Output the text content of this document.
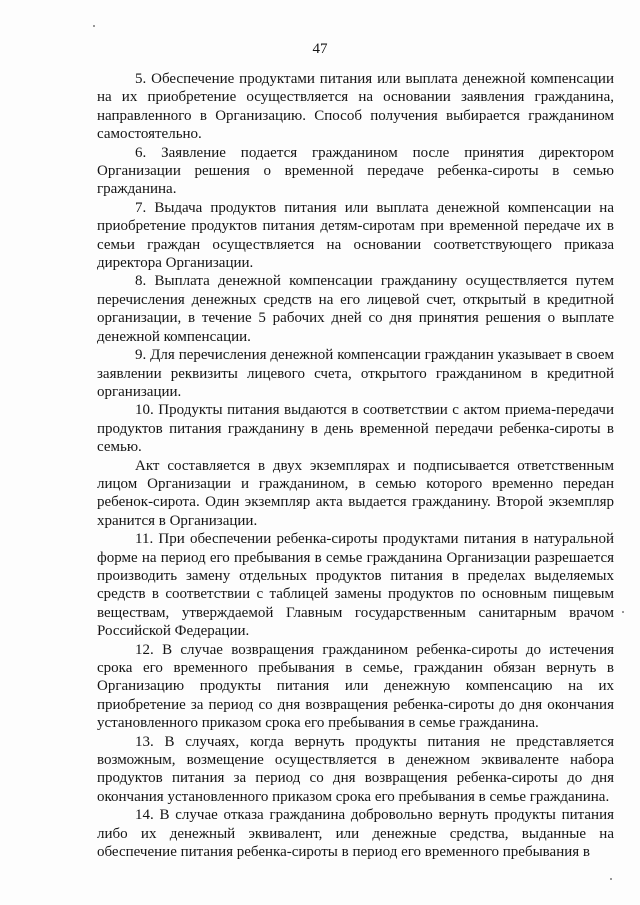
47

5. Обеспечение продуктами питания или выплата денежной компенсации на их приобретение осуществляется на основании заявления гражданина, направленного в Организацию. Способ получения выбирается гражданином самостоятельно.

6. Заявление подается гражданином после принятия директором Организации решения о временной передаче ребенка-сироты в семью гражданина.

7. Выдача продуктов питания или выплата денежной компенсации на приобретение продуктов питания детям-сиротам при временной передаче их в семьи граждан осуществляется на основании соответствующего приказа директора Организации.

8. Выплата денежной компенсации гражданину осуществляется путем перечисления денежных средств на его лицевой счет, открытый в кредитной организации, в течение 5 рабочих дней со дня принятия решения о выплате денежной компенсации.

9. Для перечисления денежной компенсации гражданин указывает в своем заявлении реквизиты лицевого счета, открытого гражданином в кредитной организации.

10. Продукты питания выдаются в соответствии с актом приема-передачи продуктов питания гражданину в день временной передачи ребенка-сироты в семью.

Акт составляется в двух экземплярах и подписывается ответственным лицом Организации и гражданином, в семью которого временно передан ребенок-сирота. Один экземпляр акта выдается гражданину. Второй экземпляр хранится в Организации.

11. При обеспечении ребенка-сироты продуктами питания в натуральной форме на период его пребывания в семье гражданина Организации разрешается производить замену отдельных продуктов питания в пределах выделяемых средств в соответствии с таблицей замены продуктов по основным пищевым веществам, утверждаемой Главным государственным санитарным врачом Российской Федерации.

12. В случае возвращения гражданином ребенка-сироты до истечения срока его временного пребывания в семье, гражданин обязан вернуть в Организацию продукты питания или денежную компенсацию на их приобретение за период со дня возвращения ребенка-сироты до дня окончания установленного приказом срока его пребывания в семье гражданина.

13. В случаях, когда вернуть продукты питания не представляется возможным, возмещение осуществляется в денежном эквиваленте набора продуктов питания за период со дня возвращения ребенка-сироты до дня окончания установленного приказом срока его пребывания в семье гражданина.

14. В случае отказа гражданина добровольно вернуть продукты питания либо их денежный эквивалент, или денежные средства, выданные на обеспечение питания ребенка-сироты в период его временного пребывания в
